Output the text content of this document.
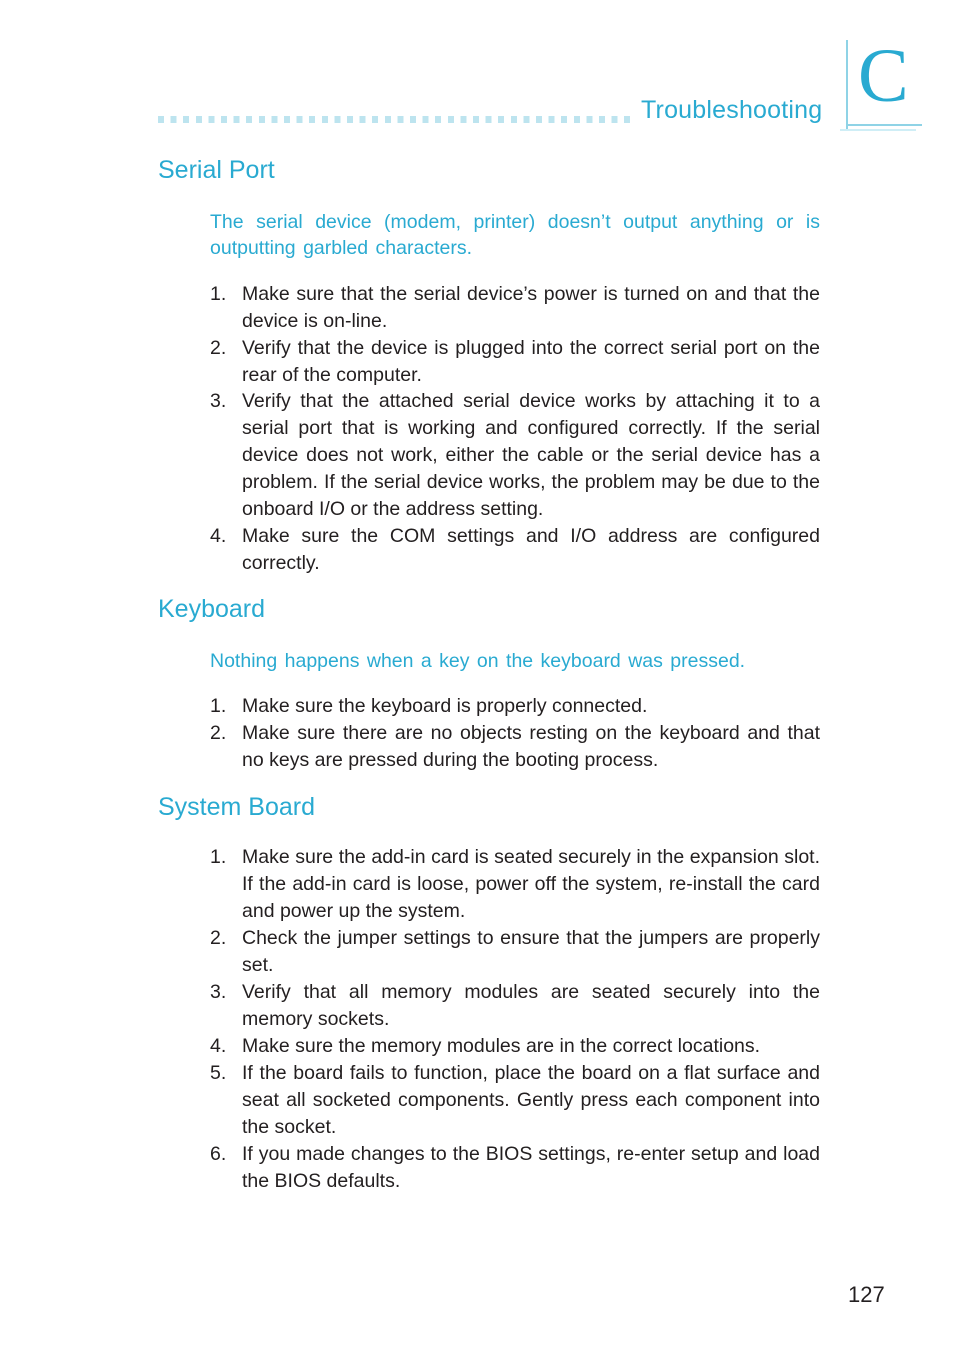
Troubleshooting C
Serial Port

The serial device (modem, printer) doesn’t output anything or is outputting garbled characters.

1. Make sure that the serial device’s power is turned on and that the device is on-line.
2. Verify that the device is plugged into the correct serial port on the rear of the computer.
3. Verify that the attached serial device works by attaching it to a serial port that is working and configured correctly. If the serial device does not work, either the cable or the serial device has a problem. If the serial device works, the problem may be due to the onboard I/O or the address setting.
4. Make sure the COM settings and I/O address are configured correctly.
Keyboard

Nothing happens when a key on the keyboard was pressed.

1. Make sure the keyboard is properly connected.
2. Make sure there are no objects resting on the keyboard and that no keys are pressed during the booting process.
System Board
1. Make sure the add-in card is seated securely in the expansion slot. If the add-in card is loose, power off the system, re-install the card and power up the system.
2. Check the jumper settings to ensure that the jumpers are properly set.
3. Verify that all memory modules are seated securely into the memory sockets.
4. Make sure the memory modules are in the correct locations.
5. If the board fails to function, place the board on a flat surface and seat all socketed components. Gently press each component into the socket.
6. If you made changes to the BIOS settings, re-enter setup and load the BIOS defaults.
127
